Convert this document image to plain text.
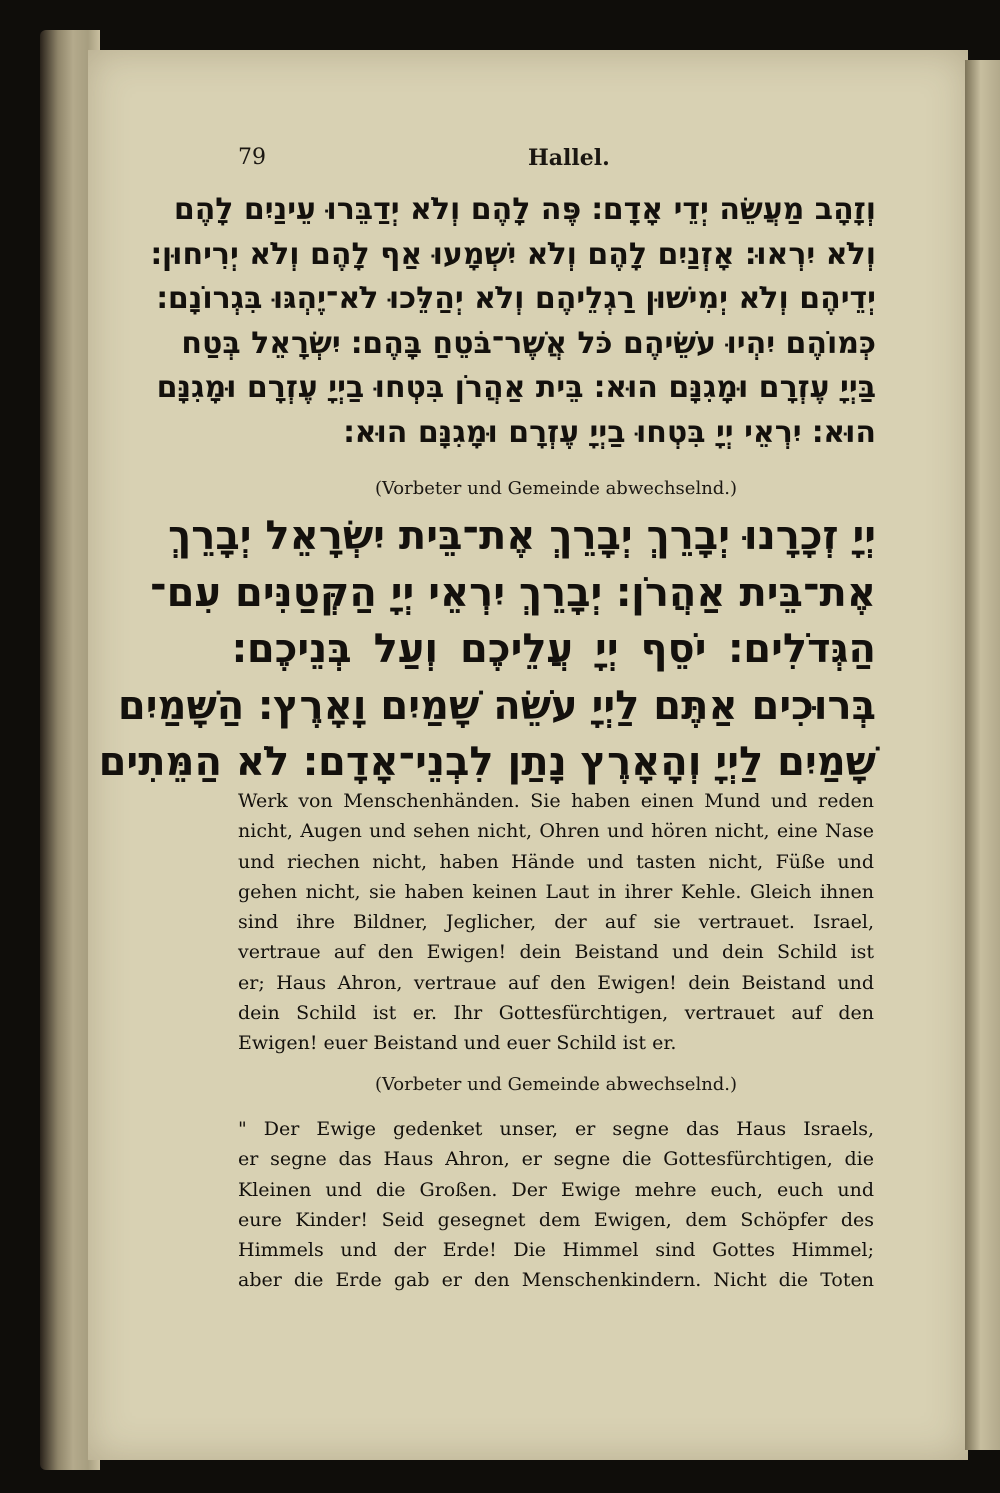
79	Hallel.
וְזָהָב מַעֲשֵׂה יְדֵי אָדָם׃ פֶּה לָהֶם וְלֹא יְדַבֵּרוּ עֵינַיִם לָהֶם
וְלֹא יִרְאוּ׃ אָזְנַיִם לָהֶם וְלֹא יִשְׁמָעוּ אַף לָהֶם וְלֹא יְרִיחוּן׃
יְדֵיהֶם וְלֹא יְמִישׁוּן רַגְלֵיהֶם וְלֹא יְהַלֵּכוּ לֹא־יֶהְגּוּ בִּגְרוֹנָם׃
כְּמוֹהֶם יִהְיוּ עֹשֵׂיהֶם כֹּל אֲשֶׁר־בֹּטֵחַ בָּהֶם׃ יִשְׂרָאֵל בְּטַח
בַּיְיָ עֶזְרָם וּמָגִנָּם הוּא׃ בֵּית אַהֲרֹן בִּטְחוּ בַיְיָ עֶזְרָם וּמָגִנָּם
הוּא׃ יִרְאֵי יְיָ בִּטְחוּ בַיְיָ עֶזְרָם וּמָגִנָּם הוּא׃
(Vorbeter und Gemeinde abwechselnd.)
יְיָ זְכָרָנוּ יְבָרֵךְ יְבָרֵךְ אֶת־בֵּית יִשְׂרָאֵל יְבָרֵךְ
אֶת־בֵּית אַהֲרֹן׃ יְבָרֵךְ יִרְאֵי יְיָ הַקְּטַנִּים עִם־
הַגְּדֹלִים׃ יֹסֵף יְיָ עֲלֵיכֶם וְעַל בְּנֵיכֶם׃
בְּרוּכִים אַתֶּם לַיְיָ עֹשֵׂה שָׁמַיִם וָאָרֶץ׃ הַשָּׁמַיִם
שָׁמַיִם לַיְיָ וְהָאָרֶץ נָתַן לִבְנֵי־אָדָם׃ לֹא הַמֵּתִים
Werk von Menschenhänden. Sie haben einen Mund und reden
nicht, Augen und sehen nicht, Ohren und hören nicht, eine Nase
und riechen nicht, haben Hände und tasten nicht, Füße und
gehen nicht, sie haben keinen Laut in ihrer Kehle. Gleich ihnen
sind ihre Bildner, Jeglicher, der auf sie vertrauet. Israel,
vertraue auf den Ewigen! dein Beistand und dein Schild ist
er; Haus Ahron, vertraue auf den Ewigen! dein Beistand und
dein Schild ist er. Ihr Gottesfürchtigen, vertrauet auf den
Ewigen! euer Beistand und euer Schild ist er.
(Vorbeter und Gemeinde abwechselnd.)
" Der Ewige gedenket unser, er segne das Haus Israels,
er segne das Haus Ahron, er segne die Gottesfürchtigen, die
Kleinen und die Großen. Der Ewige mehre euch, euch und
eure Kinder! Seid gesegnet dem Ewigen, dem Schöpfer des
Himmels und der Erde! Die Himmel sind Gottes Himmel;
aber die Erde gab er den Menschenkindern. Nicht die Toten
